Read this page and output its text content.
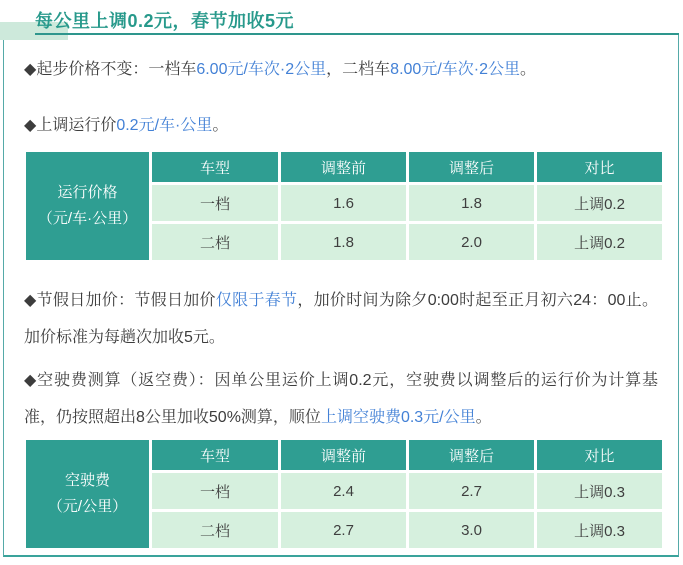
每公里上调0.2元，春节加收5元

◆起步价格不变：一档车6.00元/车次·2公里，二档车8.00元/车次·2公里。

◆上调运行价0.2元/车·公里。

运行价格
（元/车·公里）
车型	调整前	调整后	对比
一档	1.6	1.8	上调0.2
二档	1.8	2.0	上调0.2

◆节假日加价：节假日加价仅限于春节，加价时间为除夕0:00时起至正月初六24：00止。加价标准为每趟次加收5元。

◆空驶费测算（返空费）：因单公里运价上调0.2元，空驶费以调整后的运行价为计算基准，仍按照超出8公里加收50%测算，顺位上调空驶费0.3元/公里。

空驶费
（元/公里）
车型	调整前	调整后	对比
一档	2.4	2.7	上调0.3
二档	2.7	3.0	上调0.3
